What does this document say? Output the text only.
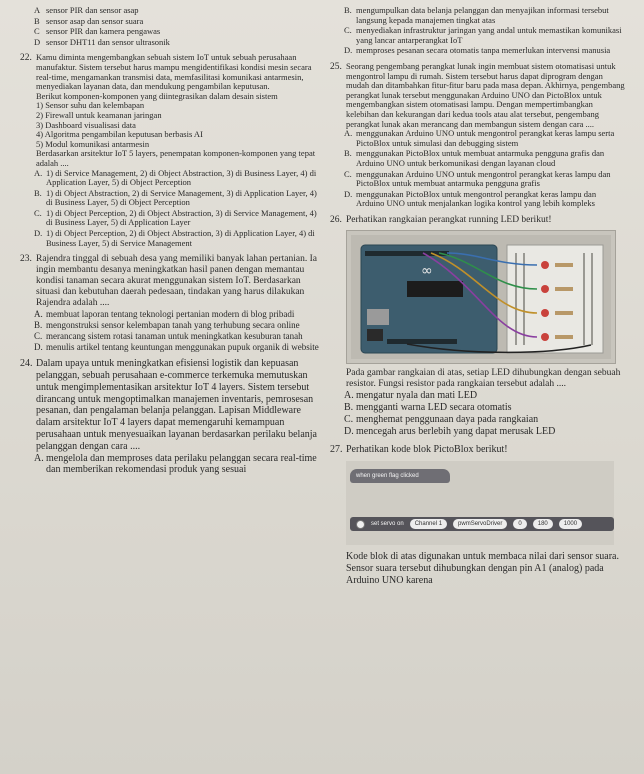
A sensor PIR dan sensor asap
B sensor asap dan sensor suara
C sensor PIR dan kamera pengawas
D sensor DHT11 dan sensor ultrasonik
22. Kamu diminta mengembangkan sebuah sistem IoT untuk sebuah perusahaan manufaktur. Sistem tersebut harus mampu mengidentifikasi kondisi mesin secara real-time, mengamankan transmisi data, memfasilitasi komunikasi antarmesin, menyediakan layanan data, dan mendukung pengambilan keputusan.
Berikut komponen-komponen yang diintegrasikan dalam desain sistem
1) Sensor suhu dan kelembapan
2) Firewall untuk keamanan jaringan
3) Dashboard visualisasi data
4) Algoritma pengambilan keputusan berbasis AI
5) Modul komunikasi antarmesin
Berdasarkan arsitektur IoT 5 layers, penempatan komponen-komponen yang tepat adalah ....
A. 1) di Service Management, 2) di Object Abstraction, 3) di Business Layer, 4) di Application Layer, 5) di Object Perception
B. 1) di Object Abstraction, 2) di Service Management, 3) di Application Layer, 4) di Business Layer, 5) di Object Perception
C. 1) di Object Perception, 2) di Object Abstraction, 3) di Service Management, 4) di Business Layer, 5) di Application Layer
D. 1) di Object Perception, 2) di Object Abstraction, 3) di Application Layer, 4) di Business Layer, 5) di Service Management
23. Rajendra tinggal di sebuah desa yang memiliki banyak lahan pertanian. Ia ingin membantu desanya meningkatkan hasil panen dengan memantau kondisi tanaman secara akurat menggunakan sistem IoT. Berdasarkan situasi dan kebutuhan daerah pedesaan, tindakan yang harus dilakukan Rajendra adalah ....
A. membuat laporan tentang teknologi pertanian modern di blog pribadi
B. mengonstruksi sensor kelembapan tanah yang terhubung secara online
C. merancang sistem rotasi tanaman untuk meningkatkan kesuburan tanah
D. menulis artikel tentang keuntungan menggunakan pupuk organik di website
24. Dalam upaya untuk meningkatkan efisiensi logistik dan kepuasan pelanggan, sebuah perusahaan e-commerce terkemuka memutuskan untuk mengimplementasikan arsitektur IoT 4 layers. Sistem tersebut dirancang untuk mengoptimalkan manajemen inventaris, pemrosesan pesanan, dan pengalaman belanja pelanggan. Lapisan Middleware dalam arsitektur IoT 4 layers dapat memengaruhi kemampuan perusahaan untuk menyesuaikan layanan berdasarkan perilaku belanja pelanggan dengan cara ....
A. mengelola dan memproses data perilaku pelanggan secara real-time dan memberikan rekomendasi produk yang sesuai
B. mengumpulkan data belanja pelanggan dan menyajikan informasi tersebut langsung kepada manajemen tingkat atas
C. menyediakan infrastruktur jaringan yang andal untuk memastikan komunikasi yang lancar antarperangkat IoT
D. memproses pesanan secara otomatis tanpa memerlukan intervensi manusia
25. Seorang pengembang perangkat lunak ingin membuat sistem otomatisasi untuk mengontrol lampu di rumah. Sistem tersebut harus dapat diprogram dengan mudah dan ditambahkan fitur-fitur baru pada masa depan. Akhirnya, pengembang perangkat lunak tersebut menggunakan Arduino UNO dan PictoBlox untuk mengembangkan sistem otomatisasi lampu. Dengan mempertimbangkan kelebihan dan kekurangan dari kedua tools atau alat tersebut, pengembang perangkat lunak akan merancang dan membangun sistem dengan cara ....
A. menggunakan Arduino UNO untuk mengontrol perangkat keras lampu serta PictoBlox untuk simulasi dan debugging sistem
B. menggunakan PictoBlox untuk membuat antarmuka pengguna grafis dan Arduino UNO untuk berkomunikasi dengan layanan cloud
C. menggunakan Arduino UNO untuk mengontrol perangkat keras lampu dan PictoBlox untuk membuat antarmuka pengguna grafis
D. menggunakan PictoBlox untuk mengontrol perangkat keras lampu dan Arduino UNO untuk menjalankan logika kontrol yang lebih kompleks
26. Perhatikan rangkaian perangkat running LED berikut!
∞
Pada gambar rangkaian di atas, setiap LED dihubungkan dengan sebuah resistor. Fungsi resistor pada rangkaian tersebut adalah ....
A. mengatur nyala dan mati LED
B. mengganti warna LED secara otomatis
C. menghemat penggunaan daya pada rangkaian
D. mencegah arus berlebih yang dapat merusak LED
27. Perhatikan kode blok PictoBlox berikut!
when green flag clicked
set servo on	Channel 1	pwmServoDriver	0	180	1000
Kode blok di atas digunakan untuk membaca nilai dari sensor suara. Sensor suara tersebut dihubungkan dengan pin A1 (analog) pada Arduino UNO karena
